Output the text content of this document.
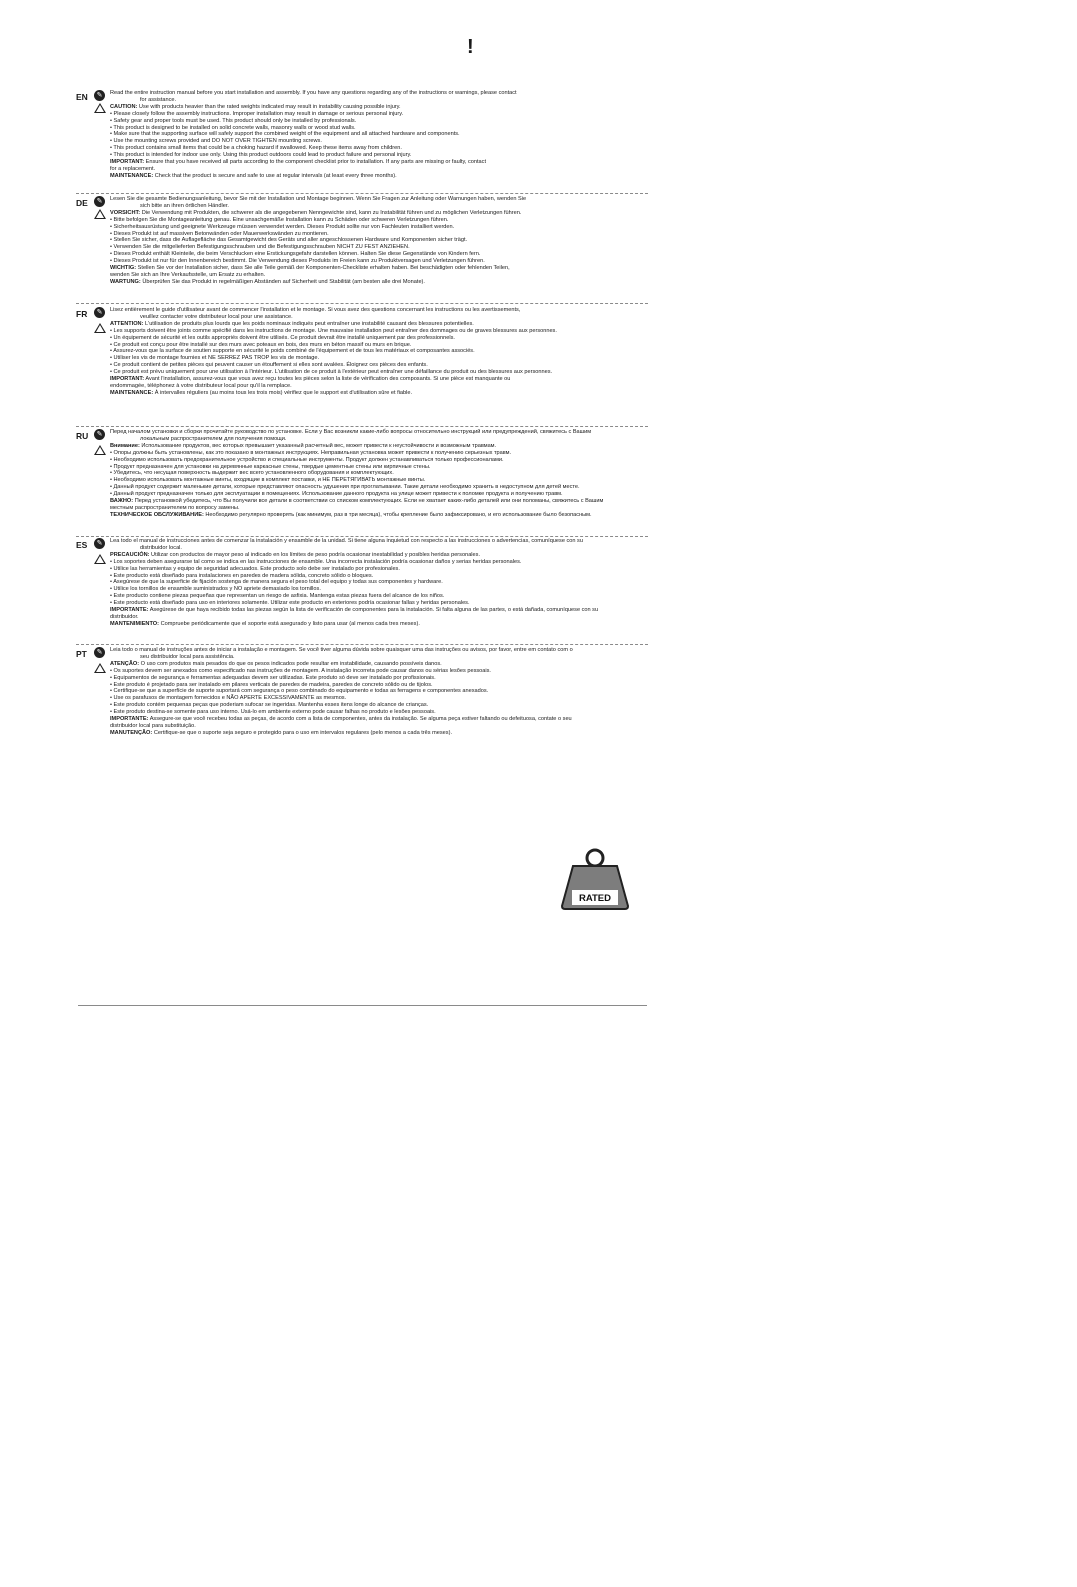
!
EN	✎	Read the entire instruction manual before you start installation and assembly. If you have any questions regarding any of the instructions or warnings, please contact

for assistance.

CAUTION: Use with products heavier than the rated weights indicated may result in instability causing possible injury.

• Please closely follow the assembly instructions. Improper installation may result in damage or serious personal injury.

• Safety gear and proper tools must be used. This product should only be installed by professionals.

• This product is designed to be installed on solid concrete walls, masonry walls or wood stud walls.

• Make sure that the supporting surface will safely support the combined weight of the equipment and all attached hardware and components.

• Use the mounting screws provided and DO NOT OVER TIGHTEN mounting screws.

• This product contains small items that could be a choking hazard if swallowed. Keep these items away from children.

• This product is intended for indoor use only. Using this product outdoors could lead to product failure and personal injury.

IMPORTANT: Ensure that you have received all parts according to the component checklist prior to installation. If any parts are missing or faulty, contact

for a replacement.

MAINTENANCE: Check that the product is secure and safe to use at regular intervals (at least every three months).

DE	✎	Lesen Sie die gesamte Bedienungsanleitung, bevor Sie mit der Installation und Montage beginnen. Wenn Sie Fragen zur Anleitung oder Warnungen haben, wenden Sie

sich bitte an ihren örtlichen Händler.

VORSICHT: Die Verwendung mit Produkten, die schwerer als die angegebenen Nenngewichte sind, kann zu Instabilität führen und zu möglichen Verletzungen führen.

• Bitte befolgen Sie die Montageanleitung genau. Eine unsachgemäße Installation kann zu Schäden oder schweren Verletzungen führen.

• Sicherheitsausrüstung und geeignete Werkzeuge müssen verwendet werden. Dieses Produkt sollte nur von Fachleuten installiert werden.

• Dieses Produkt ist auf massiven Betonwänden oder Mauerwerkswänden zu montieren.

• Stellen Sie sicher, dass die Auflagefläche das Gesamtgewicht des Geräts und aller angeschlossenen Hardware und Komponenten sicher trägt.

• Verwenden Sie die mitgelieferten Befestigungsschrauben und die Befestigungsschrauben NICHT ZU FEST ANZIEHEN.

• Dieses Produkt enthält Kleinteile, die beim Verschlucken eine Erstickungsgefahr darstellen können. Halten Sie diese Gegenstände von Kindern fern.

• Dieses Produkt ist nur für den Innenbereich bestimmt. Die Verwendung dieses Produkts im Freien kann zu Produktversagen und Verletzungen führen.

WICHTIG: Stellen Sie vor der Installation sicher, dass Sie alle Teile gemäß der Komponenten-Checkliste erhalten haben. Bei beschädigten oder fehlenden Teilen,

wenden Sie sich an Ihre Verkaufsstelle, um Ersatz zu erhalten.

WARTUNG: Überprüfen Sie das Produkt in regelmäßigen Abständen auf Sicherheit und Stabilität (am besten alle drei Monate).

FR	✎	Lisez entièrement le guide d'utilisateur avant de commencer l'installation et le montage. Si vous avez des questions concernant les instructions ou les avertissements,

veuillez contacter votre distributeur local pour une assistance.

ATTENTION: L'utilisation de produits plus lourds que les poids nominaux indiqués peut entraîner une instabilité causant des blessures potentielles.

• Les supports doivent être joints comme spécifié dans les instructions de montage. Une mauvaise installation peut entraîner des dommages ou de graves blessures aux personnes.

• Un équipement de sécurité et les outils appropriés doivent être utilisés. Ce produit devrait être installé uniquement par des professionnels.

• Ce produit est conçu pour être installé sur des murs avec poteaux en bois, des murs en béton massif ou murs en brique.

• Assurez-vous que la surface de soutien supporte en sécurité le poids combiné de l'équipement et de tous les matériaux et composantes associés.

• Utiliser les vis de montage fournies et NE SERREZ PAS TROP les vis de montage.

• Ce produit contient de petites pièces qui peuvent causer un étouffement si elles sont avalées. Éloignez ces pièces des enfants.

• Ce produit est prévu uniquement pour une utilisation à l'intérieur. L'utilisation de ce produit à l'extérieur peut entraîner une défaillance du produit ou des blessures aux personnes.

IMPORTANT: Avant l'installation, assurez-vous que vous avez reçu toutes les pièces selon la liste de vérification des composants. Si une pièce est manquante ou

endommagée, téléphonez à votre distributeur local pour qu'il la remplace.

MAINTENANCE: À intervalles réguliers (au moins tous les trois mois) vérifiez que le support est d'utilisation sûre et fiable.

RU	✎	Перед началом установки и сборки прочитайте руководство по установке. Если у Вас возникли какие-либо вопросы относительно инструкций или предупреждений, свяжитесь с Вашим

локальным распространителем для получения помощи.

Внимание: Использование продуктов, вес которых превышает указанный расчетный вес, может привести к неустойчивости и возможным травмам.

• Опоры должны быть установлены, как это показано в монтажных инструкциях. Неправильная установка может привести к получению серьезных травм.

• Необходимо использовать предохранительное устройство и специальные инструменты. Продукт должен устанавливаться только профессионалами.

• Продукт предназначен для установки на деревянные каркасные стены, твердые цементные стены или кирпичные стены.

• Убедитесь, что несущая поверхность выдержит вес всего установленного оборудования и комплектующих.

• Необходимо использовать монтажные винты, входящие в комплект поставки, и НЕ ПЕРЕТЯГИВАТЬ монтажные винты.

• Данный продукт содержит маленькие детали, которые представляют опасность удушения при проглатывании. Такие детали необходимо хранить в недоступном для детей месте.

• Данный продукт предназначен только для эксплуатации в помещениях. Использование данного продукта на улице может привести к поломке продукта и получению травм.

ВАЖНО: Перед установкой убедитесь, что Вы получили все детали в соответствии со списком комплектующих. Если не хватает каких-либо деталей или они поломаны, свяжитесь с Вашим

местным распространителем по вопросу замены.

ТЕХНИЧЕСКОЕ ОБСЛУЖИВАНИЕ: Необходимо регулярно проверять (как минимум, раз в три месяца), чтобы крепление было зафиксировано, и его использование было безопасным.

ES	✎	Lea todo el manual de instrucciones antes de comenzar la instalación y ensamble de la unidad. Si tiene alguna inquietud con respecto a las instrucciones o advertencias, comuníquese con su

distribuidor local.

PRECAUCIÓN: Utilizar con productos de mayor peso al indicado en los límites de peso podría ocasionar inestabilidad y posibles heridas personales.

• Los soportes deben asegurarse tal como se indica en las instrucciones de ensamble. Una incorrecta instalación podría ocasionar daños y serias heridas personales.

• Utilice las herramientas y equipo de seguridad adecuados. Este producto solo debe ser instalado por profesionales.

• Este producto está diseñado para instalaciones en paredes de madera sólida, concreto sólido o bloques.

• Asegúrese de que la superficie de fijación sostenga de manera segura el peso total del equipo y todas sus componentes y hardware.

• Utilice los tornillos de ensamble suministrados y NO apriete demasiado los tornillos.

• Este producto contiene piezas pequeñas que representan un riesgo de asfixia. Mantenga estas piezas fuera del alcance de los niños.

• Este producto está diseñado para uso en interiores solamente. Utilizar este producto en exteriores podría ocasionar fallas y heridas personales.

IMPORTANTE: Asegúrese de que haya recibido todas las piezas según la lista de verificación de componentes para la instalación. Si falta alguna de las partes, o está dañada, comuníquese con su

distribuidor.

MANTENIMIENTO: Compruebe periódicamente que el soporte está asegurado y listo para usar (al menos cada tres meses).

PT	✎	Leia todo o manual de instruções antes de iniciar a instalação e montagem. Se você tiver alguma dúvida sobre quaisquer uma das instruções ou avisos, por favor, entre em contato com o

seu distribuidor local para assistência.

ATENÇÃO: O uso com produtos mais pesados do que os pesos indicados pode resultar em instabilidade, causando possíveis danos.

• Os suportes devem ser anexados como especificado nas instruções de montagem. A instalação incorreta pode causar danos ou sérias lesões pessoais.

• Equipamentos de segurança e ferramentas adequadas devem ser utilizadas. Este produto só deve ser instalado por profissionais.

• Este produto é projetado para ser instalado em pilares verticais de paredes de madeira, paredes de concreto sólido ou de tijolos.

• Certifique-se que a superfície de suporte suportará com segurança o peso combinado do equipamento e todas as ferragens e componentes anexados.

• Use os parafusos de montagem fornecidos e NÃO APERTE EXCESSIVAMENTE as mesmos.

• Este produto contém pequenas peças que poderiam sufocar se ingeridas. Mantenha esses itens longe do alcance de crianças.

• Este produto destina-se somente para uso interno. Usá-lo em ambiente externo pode causar falhas no produto e lesões pessoais.

IMPORTANTE: Assegure-se que você recebeu todas as peças, de acordo com a lista de componentes, antes da instalação. Se alguma peça estiver faltando ou defeituosa, contate o seu

distribuidor local para substituição.

MANUTENÇÃO: Certifique-se que o suporte seja seguro e protegido para o uso em intervalos regulares (pelo menos a cada três meses).

RATED
